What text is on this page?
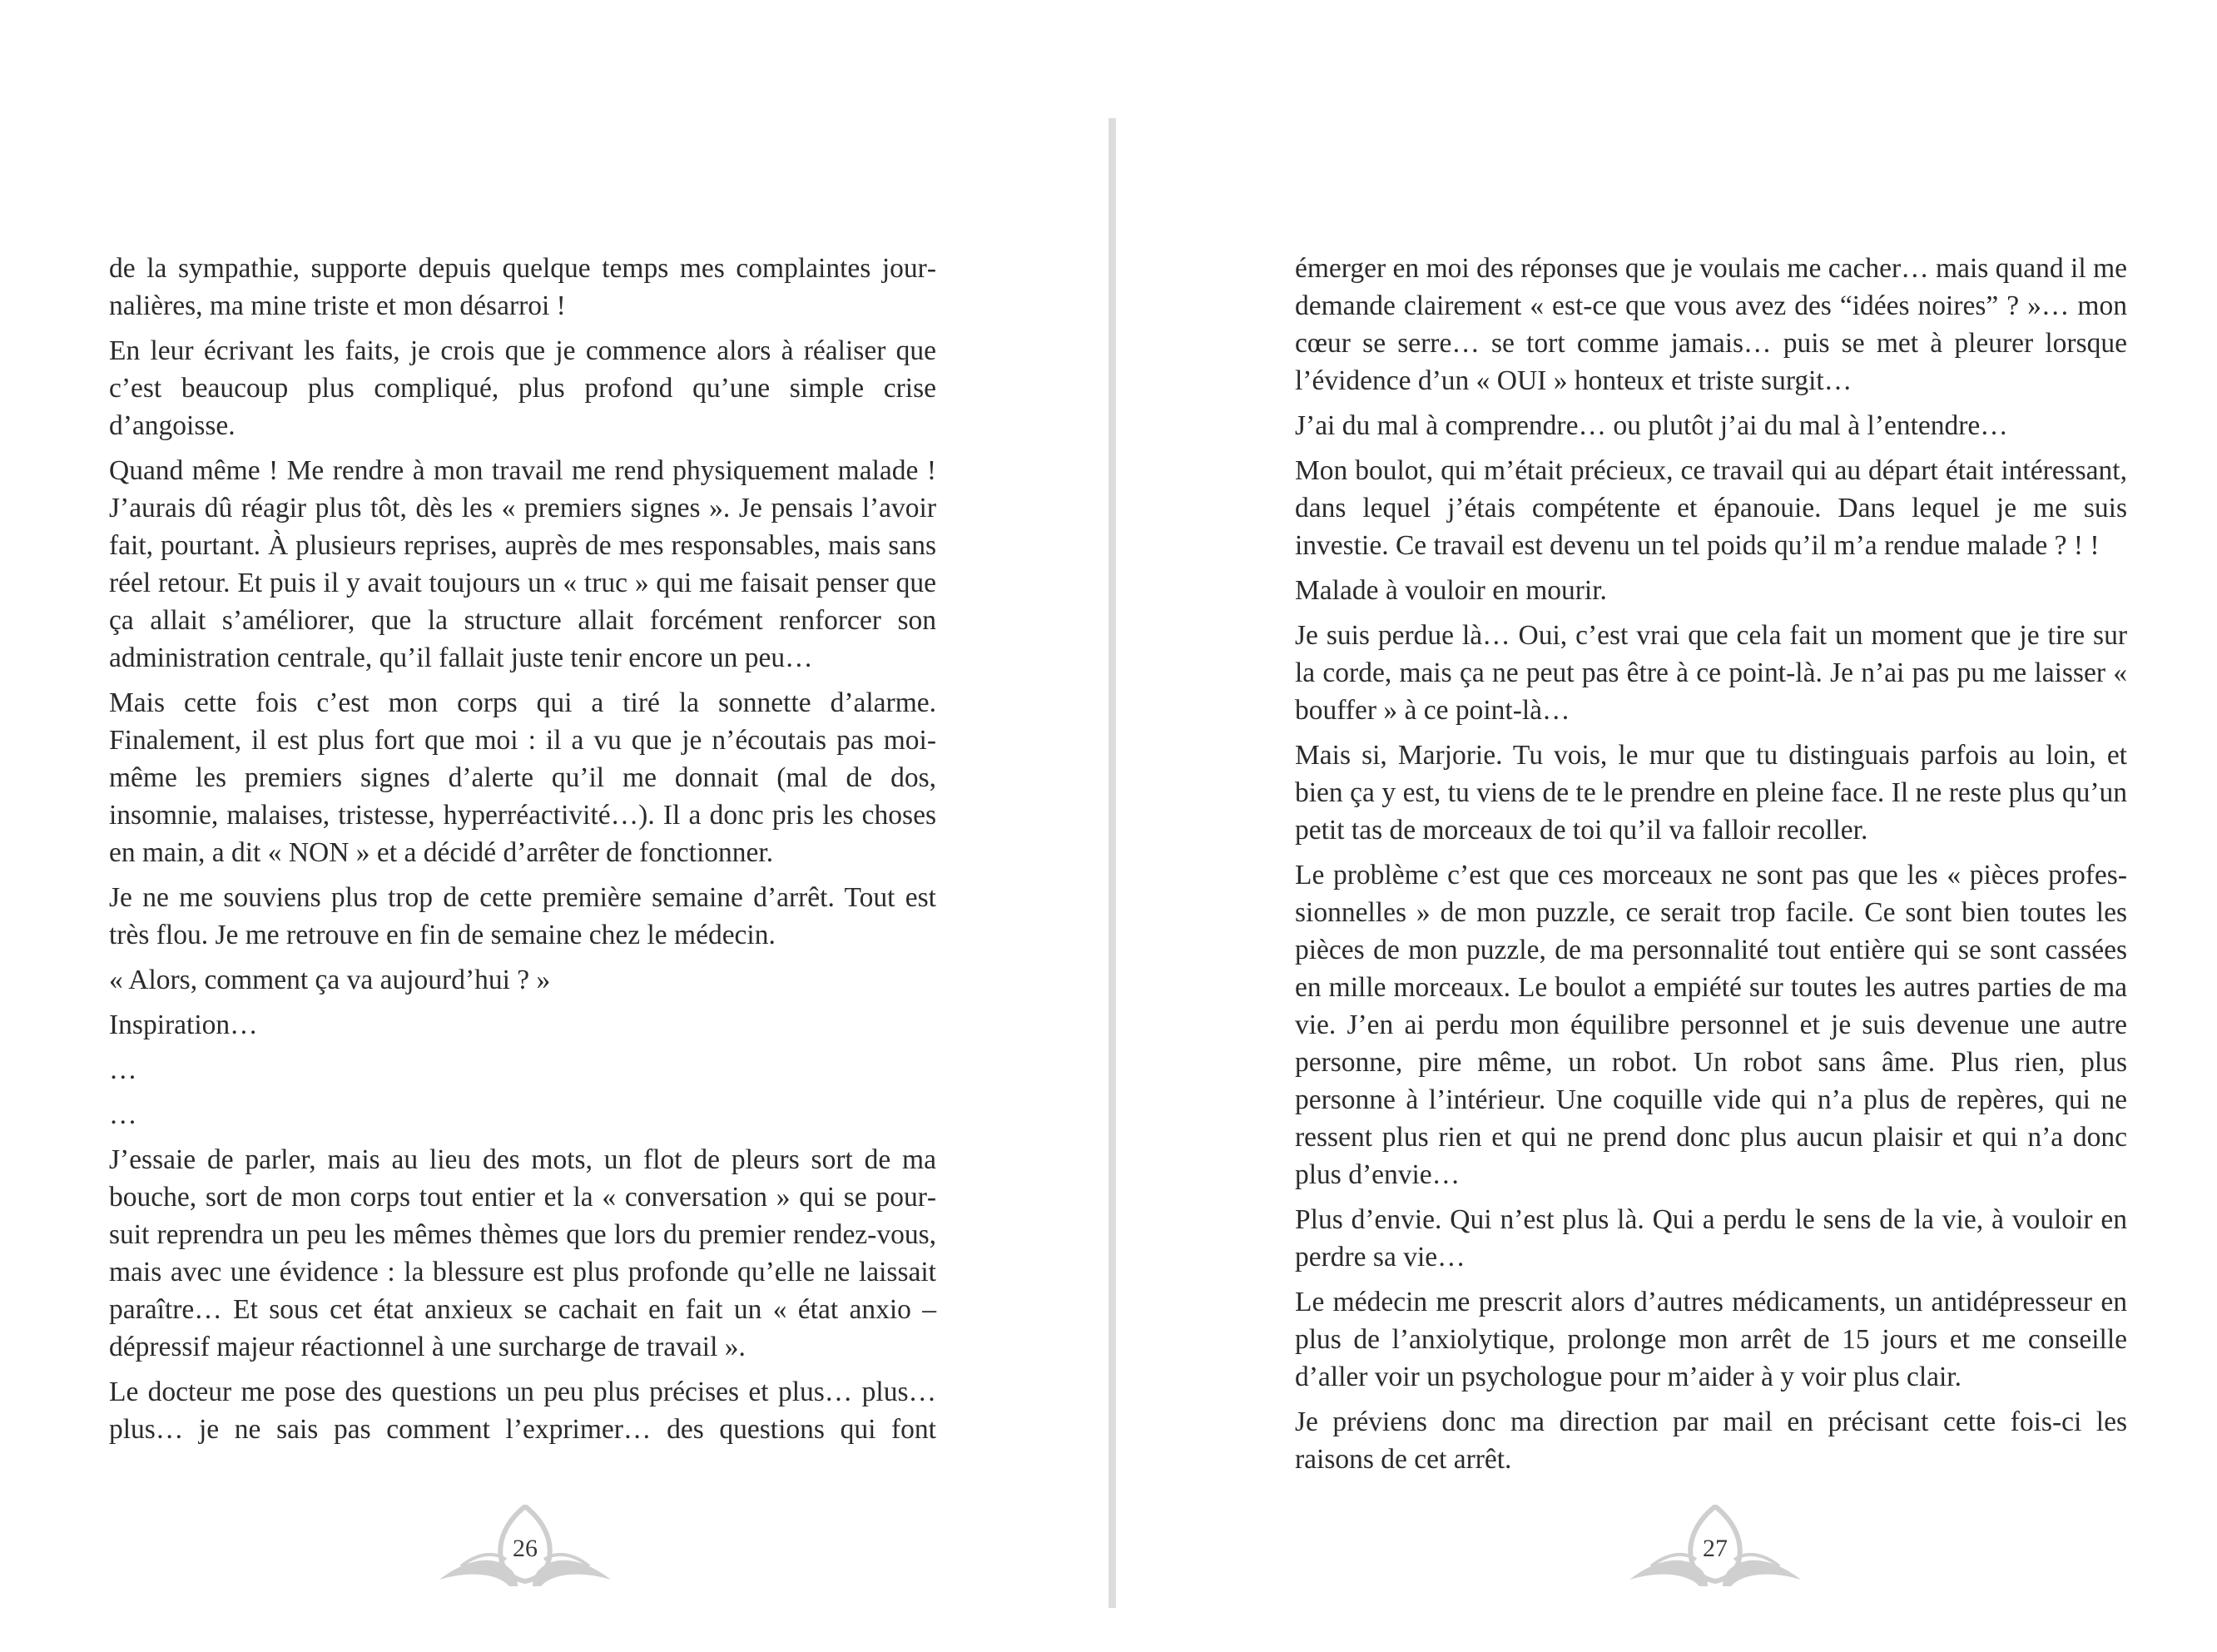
de la sympathie, supporte depuis quelque temps mes complaintes journalières, ma mine triste et mon désarroi !

En leur écrivant les faits, je crois que je commence alors à réaliser que c’est beaucoup plus compliqué, plus profond qu’une simple crise d’angoisse.

Quand même ! Me rendre à mon travail me rend physiquement malade ! J’aurais dû réagir plus tôt, dès les « premiers signes ». Je pensais l’avoir fait, pourtant. À plusieurs reprises, auprès de mes responsables, mais sans réel retour. Et puis il y avait toujours un « truc » qui me faisait penser que ça allait s’améliorer, que la structure allait forcément renforcer son administration centrale, qu’il fallait juste tenir encore un peu…

Mais cette fois c’est mon corps qui a tiré la sonnette d’alarme. Finalement, il est plus fort que moi : il a vu que je n’écoutais pas moi-même les premiers signes d’alerte qu’il me donnait (mal de dos, insomnie, malaises, tristesse, hyperréactivité…). Il a donc pris les choses en main, a dit « NON » et a décidé d’arrêter de fonctionner.

Je ne me souviens plus trop de cette première semaine d’arrêt. Tout est très flou. Je me retrouve en fin de semaine chez le médecin.

« Alors, comment ça va aujourd’hui ? »

Inspiration…

…

…

J’essaie de parler, mais au lieu des mots, un flot de pleurs sort de ma bouche, sort de mon corps tout entier et la « conversation » qui se poursuit reprendra un peu les mêmes thèmes que lors du premier rendez-vous, mais avec une évidence : la blessure est plus profonde qu’elle ne laissait paraître… Et sous cet état anxieux se cachait en fait un « état anxio – dépressif majeur réactionnel à une surcharge de travail ».

Le docteur me pose des questions un peu plus précises et plus… plus… plus… je ne sais pas comment l’exprimer… des questions qui font

émerger en moi des réponses que je voulais me cacher… mais quand il me demande clairement « est-ce que vous avez des “idées noires” ? »… mon cœur se serre… se tort comme jamais… puis se met à pleurer lorsque l’évidence d’un « OUI » honteux et triste surgit…

J’ai du mal à comprendre… ou plutôt j’ai du mal à l’entendre…

Mon boulot, qui m’était précieux, ce travail qui au départ était intéressant, dans lequel j’étais compétente et épanouie. Dans lequel je me suis investie. Ce travail est devenu un tel poids qu’il m’a rendue malade ? ! !

Malade à vouloir en mourir.

Je suis perdue là… Oui, c’est vrai que cela fait un moment que je tire sur la corde, mais ça ne peut pas être à ce point-là. Je n’ai pas pu me laisser « bouffer » à ce point-là…

Mais si, Marjorie. Tu vois, le mur que tu distinguais parfois au loin, et bien ça y est, tu viens de te le prendre en pleine face. Il ne reste plus qu’un petit tas de morceaux de toi qu’il va falloir recoller.

Le problème c’est que ces morceaux ne sont pas que les « pièces professionnelles » de mon puzzle, ce serait trop facile. Ce sont bien toutes les pièces de mon puzzle, de ma personnalité tout entière qui se sont cassées en mille morceaux. Le boulot a empiété sur toutes les autres parties de ma vie. J’en ai perdu mon équilibre personnel et je suis devenue une autre personne, pire même, un robot. Un robot sans âme. Plus rien, plus personne à l’intérieur. Une coquille vide qui n’a plus de repères, qui ne ressent plus rien et qui ne prend donc plus aucun plaisir et qui n’a donc plus d’envie…

Plus d’envie. Qui n’est plus là. Qui a perdu le sens de la vie, à vouloir en perdre sa vie…

Le médecin me prescrit alors d’autres médicaments, un antidépresseur en plus de l’anxiolytique, prolonge mon arrêt de 15 jours et me conseille d’aller voir un psychologue pour m’aider à y voir plus clair.

Je préviens donc ma direction par mail en précisant cette fois-ci les raisons de cet arrêt.

26	27
